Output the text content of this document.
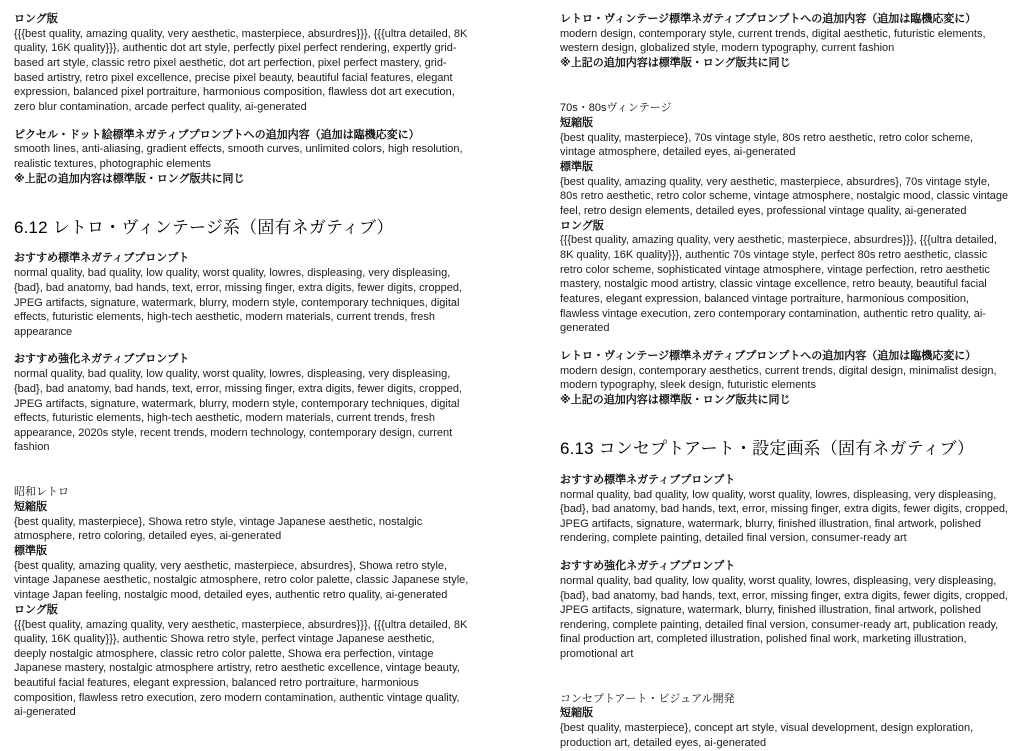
ロング版

{{{best quality, amazing quality, very aesthetic, masterpiece, absurdres}}}, {{{ultra detailed, 8K quality, 16K quality}}}, authentic dot art style, perfectly pixel perfect rendering, expertly grid-based art style, classic retro pixel aesthetic, dot art perfection, pixel perfect mastery, grid-based artistry, retro pixel excellence, precise pixel beauty, beautiful facial features, elegant expression, balanced pixel portraiture, harmonious composition, flawless dot art execution, zero blur contamination, arcade perfect quality, ai-generated

ピクセル・ドット絵標準ネガティブプロンプトへの追加内容（追加は臨機応変に）

smooth lines, anti-aliasing, gradient effects, smooth curves, unlimited colors, high resolution, realistic textures, photographic elements

※上記の追加内容は標準版・ロング版共に同じ

6.12 レトロ・ヴィンテージ系（固有ネガティブ）

おすすめ標準ネガティブプロンプト

normal quality, bad quality, low quality, worst quality, lowres, displeasing, very displeasing, {bad}, bad anatomy, bad hands, text, error, missing finger, extra digits, fewer digits, cropped, JPEG artifacts, signature, watermark, blurry, modern style, contemporary techniques, digital effects, futuristic elements, high-tech aesthetic, modern materials, current trends, fresh appearance

おすすめ強化ネガティブプロンプト

normal quality, bad quality, low quality, worst quality, lowres, displeasing, very displeasing, {bad}, bad anatomy, bad hands, text, error, missing finger, extra digits, fewer digits, cropped, JPEG artifacts, signature, watermark, blurry, modern style, contemporary techniques, digital effects, futuristic elements, high-tech aesthetic, modern materials, current trends, fresh appearance, 2020s style, recent trends, modern technology, contemporary design, current fashion

昭和レトロ

短縮版

{best quality, masterpiece}, Showa retro style, vintage Japanese aesthetic, nostalgic atmosphere, retro coloring, detailed eyes, ai-generated

標準版

{best quality, amazing quality, very aesthetic, masterpiece, absurdres}, Showa retro style, vintage Japanese aesthetic, nostalgic atmosphere, retro color palette, classic Japanese style, vintage Japan feeling, nostalgic mood, detailed eyes, authentic retro quality, ai-generated

ロング版

{{{best quality, amazing quality, very aesthetic, masterpiece, absurdres}}}, {{{ultra detailed, 8K quality, 16K quality}}}, authentic Showa retro style, perfect vintage Japanese aesthetic, deeply nostalgic atmosphere, classic retro color palette, Showa era perfection, vintage Japanese mastery, nostalgic atmosphere artistry, retro aesthetic excellence, vintage beauty, beautiful facial features, elegant expression, balanced retro portraiture, harmonious composition, flawless retro execution, zero modern contamination, authentic vintage quality, ai-generated

レトロ・ヴィンテージ標準ネガティブプロンプトへの追加内容（追加は臨機応変に）

modern design, contemporary style, current trends, digital aesthetic, futuristic elements, western design, globalized style, modern typography, current fashion

※上記の追加内容は標準版・ロング版共に同じ

70s・80sヴィンテージ

短縮版

{best quality, masterpiece}, 70s vintage style, 80s retro aesthetic, retro color scheme, vintage atmosphere, detailed eyes, ai-generated

標準版

{best quality, amazing quality, very aesthetic, masterpiece, absurdres}, 70s vintage style, 80s retro aesthetic, retro color scheme, vintage atmosphere, nostalgic mood, classic vintage feel, retro design elements, detailed eyes, professional vintage quality, ai-generated

ロング版

{{{best quality, amazing quality, very aesthetic, masterpiece, absurdres}}}, {{{ultra detailed, 8K quality, 16K quality}}}, authentic 70s vintage style, perfect 80s retro aesthetic, classic retro color scheme, sophisticated vintage atmosphere, vintage perfection, retro aesthetic mastery, nostalgic mood artistry, classic vintage excellence, retro beauty, beautiful facial features, elegant expression, balanced vintage portraiture, harmonious composition, flawless vintage execution, zero contemporary contamination, authentic retro quality, ai-generated

レトロ・ヴィンテージ標準ネガティブプロンプトへの追加内容（追加は臨機応変に）

modern design, contemporary aesthetics, current trends, digital design, minimalist design, modern typography, sleek design, futuristic elements

※上記の追加内容は標準版・ロング版共に同じ

6.13 コンセプトアート・設定画系（固有ネガティブ）

おすすめ標準ネガティブプロンプト

normal quality, bad quality, low quality, worst quality, lowres, displeasing, very displeasing, {bad}, bad anatomy, bad hands, text, error, missing finger, extra digits, fewer digits, cropped, JPEG artifacts, signature, watermark, blurry, finished illustration, final artwork, polished rendering, complete painting, detailed final version, consumer-ready art

おすすめ強化ネガティブプロンプト

normal quality, bad quality, low quality, worst quality, lowres, displeasing, very displeasing, {bad}, bad anatomy, bad hands, text, error, missing finger, extra digits, fewer digits, cropped, JPEG artifacts, signature, watermark, blurry, finished illustration, final artwork, polished rendering, complete painting, detailed final version, consumer-ready art, publication ready, final production art, completed illustration, polished final work, marketing illustration, promotional art

コンセプトアート・ビジュアル開発

短縮版

{best quality, masterpiece}, concept art style, visual development, design exploration, production art, detailed eyes, ai-generated
